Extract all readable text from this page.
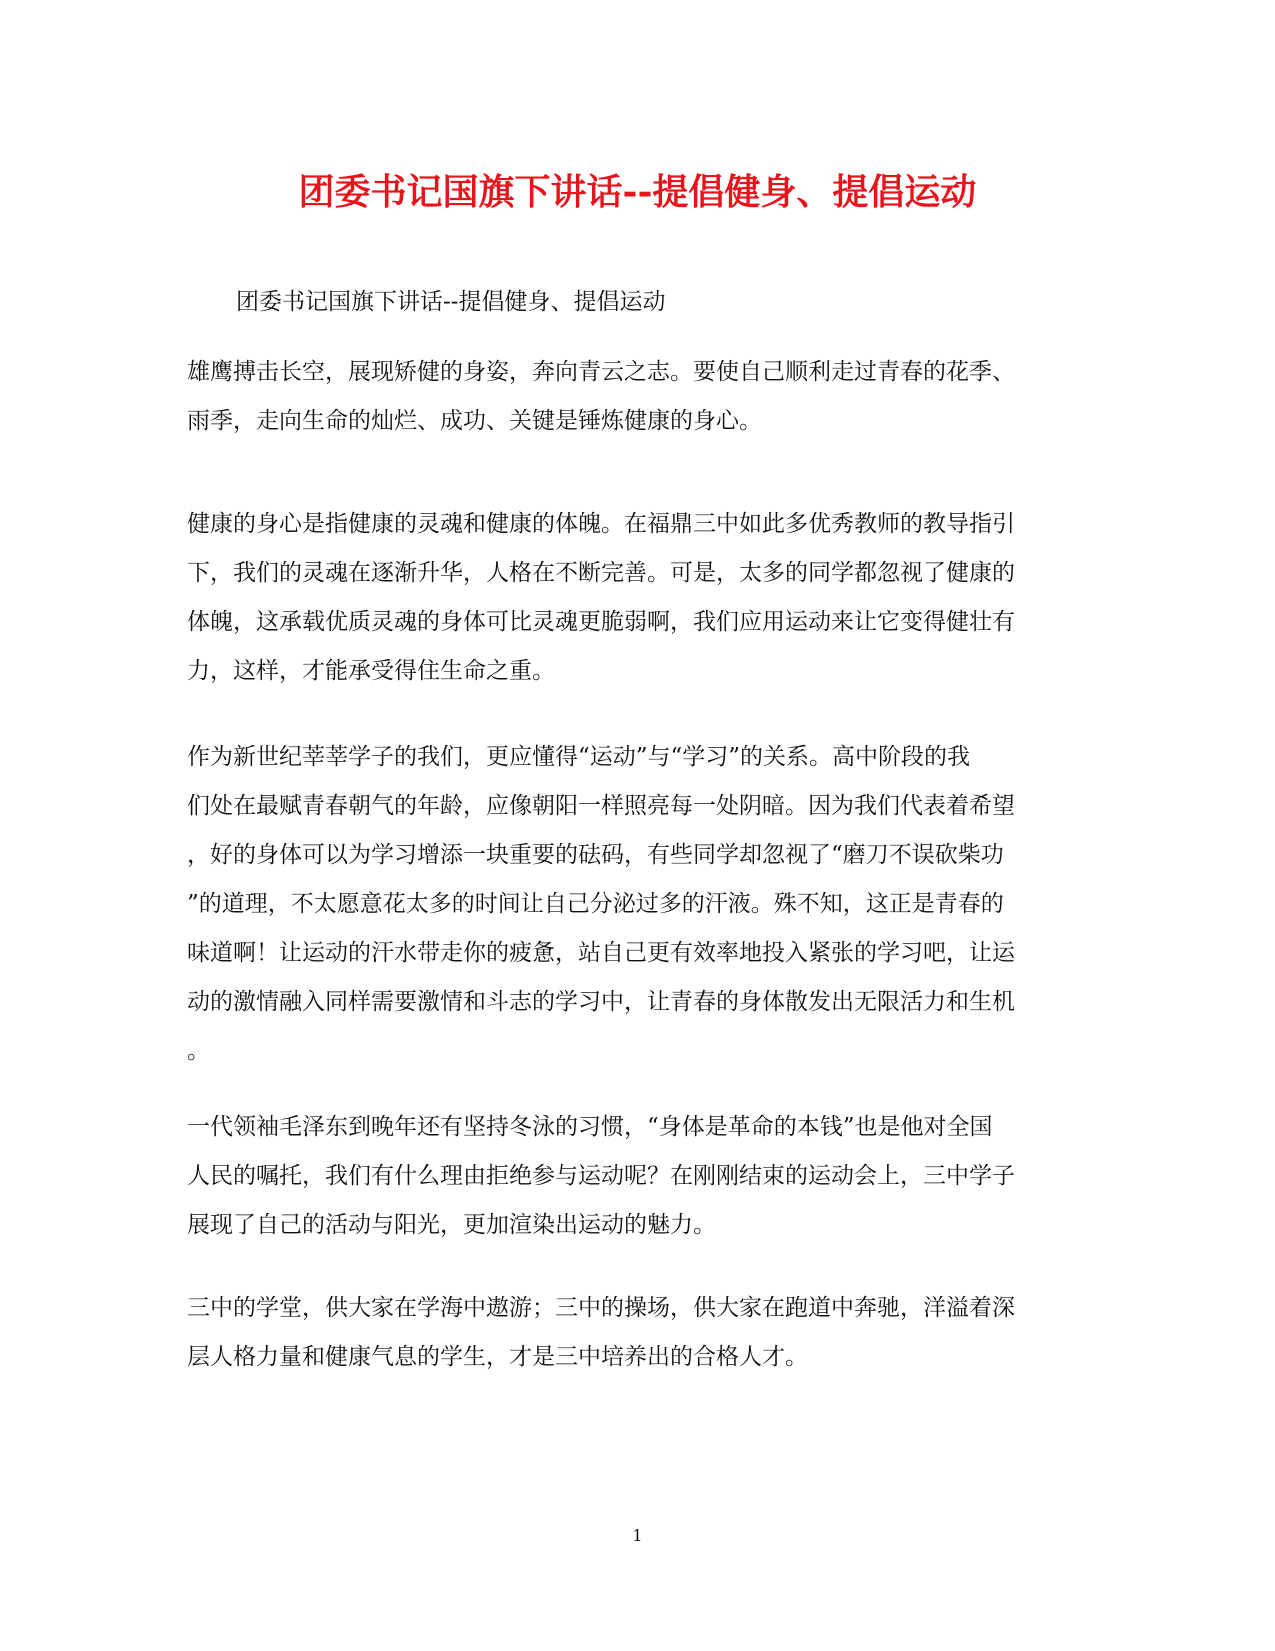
团委书记国旗下讲话--提倡健身、提倡运动

团委书记国旗下讲话--提倡健身、提倡运动

雄鹰搏击长空，展现矫健的身姿，奔向青云之志。要使自己顺利走过青春的花季、
雨季，走向生命的灿烂、成功、关键是锤炼健康的身心。
健康的身心是指健康的灵魂和健康的体魄。在福鼎三中如此多优秀教师的教导指引
下，我们的灵魂在逐渐升华，人格在不断完善。可是，太多的同学都忽视了健康的
体魄，这承载优质灵魂的身体可比灵魂更脆弱啊，我们应用运动来让它变得健壮有
力，这样，才能承受得住生命之重。
作为新世纪莘莘学子的我们，更应懂得“运动”与“学习”的关系。高中阶段的我
们处在最赋青春朝气的年龄，应像朝阳一样照亮每一处阴暗。因为我们代表着希望
，好的身体可以为学习增添一块重要的砝码，有些同学却忽视了“磨刀不误砍柴功
”的道理，不太愿意花太多的时间让自己分泌过多的汗液。殊不知，这正是青春的
味道啊！让运动的汗水带走你的疲惫，站自己更有效率地投入紧张的学习吧，让运
动的激情融入同样需要激情和斗志的学习中，让青春的身体散发出无限活力和生机
。
一代领袖毛泽东到晚年还有坚持冬泳的习惯，“身体是革命的本钱”也是他对全国
人民的嘱托，我们有什么理由拒绝参与运动呢？在刚刚结束的运动会上，三中学子
展现了自己的活动与阳光，更加渲染出运动的魅力。
三中的学堂，供大家在学海中遨游；三中的操场，供大家在跑道中奔驰，洋溢着深
层人格力量和健康气息的学生，才是三中培养出的合格人才。
1
